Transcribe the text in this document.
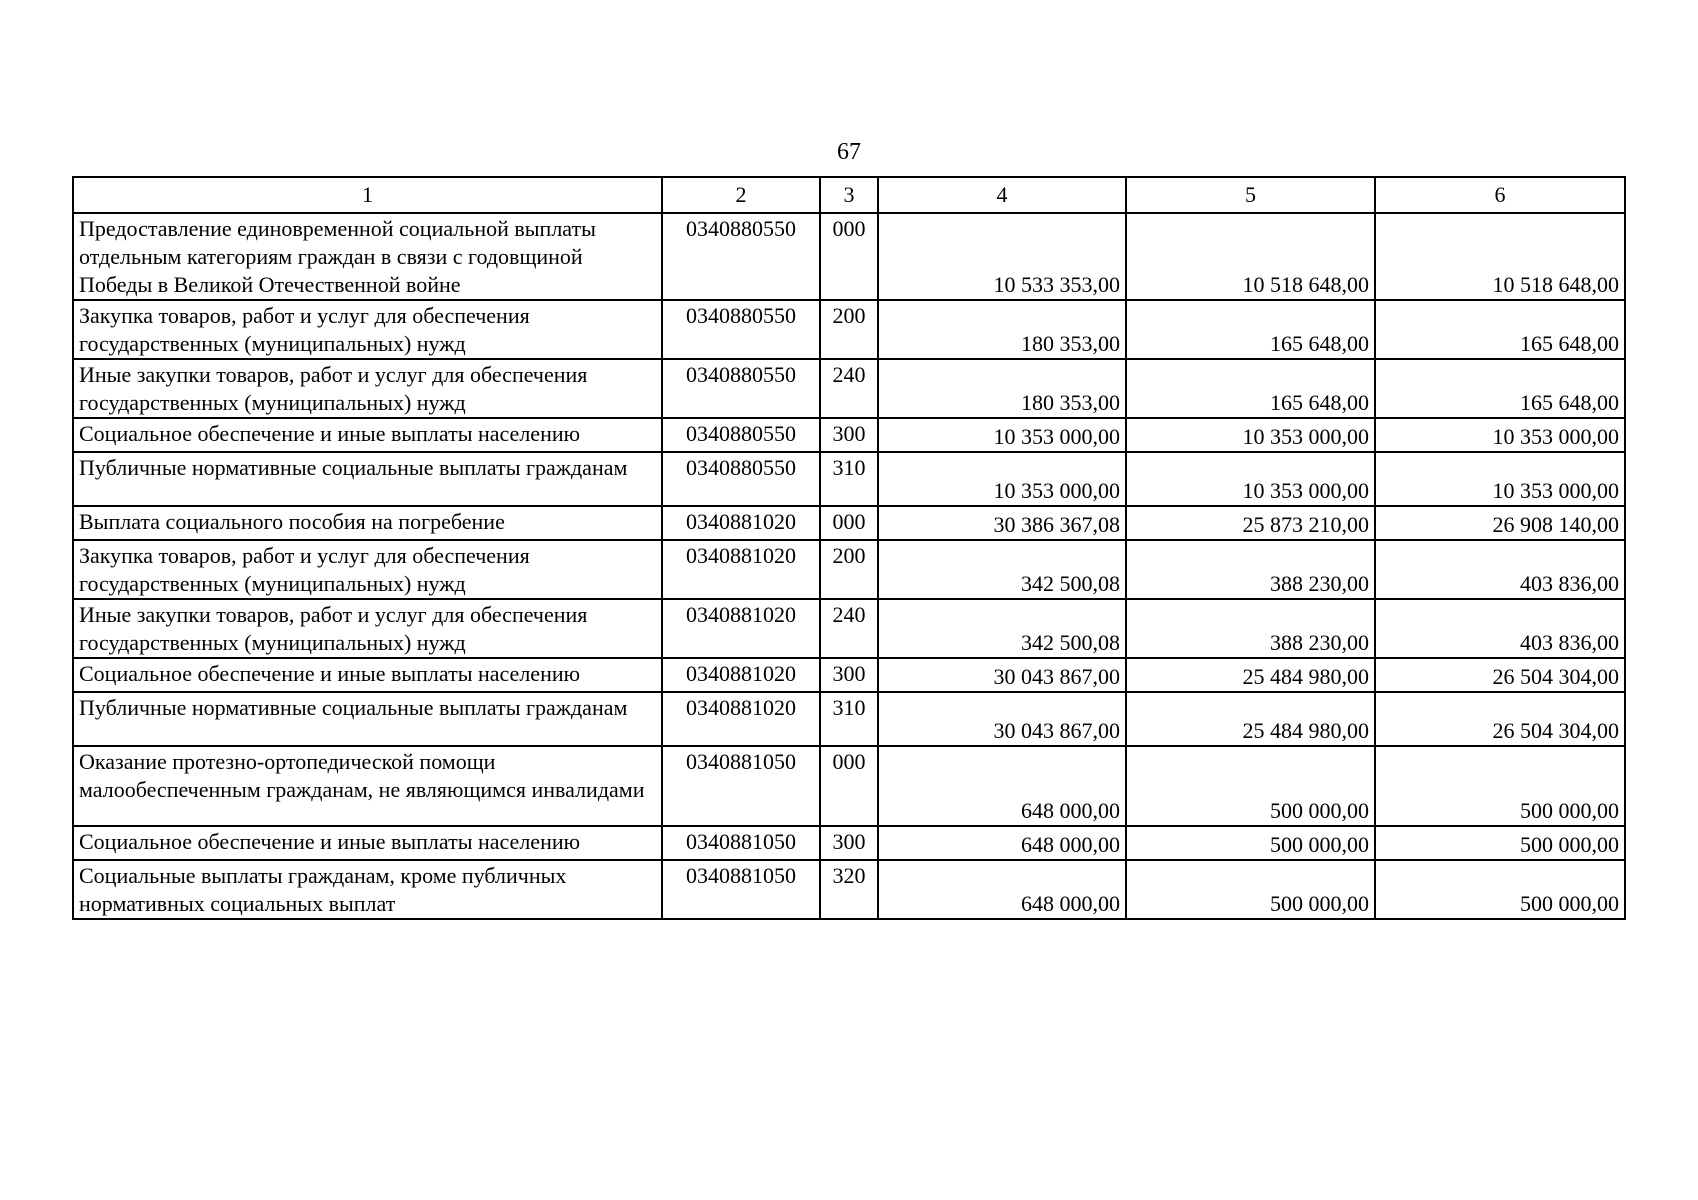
67
1	2	3	4	5	6
Предоставление единовременной социальной выплаты отдельным категориям граждан в связи с годовщиной Победы в Великой Отечественной войне	0340880550	000	10 533 353,00	10 518 648,00	10 518 648,00
Закупка товаров, работ и услуг для обеспечения государственных (муниципальных) нужд	0340880550	200	180 353,00	165 648,00	165 648,00
Иные закупки товаров, работ и услуг для обеспечения государственных (муниципальных) нужд	0340880550	240	180 353,00	165 648,00	165 648,00
Социальное обеспечение и иные выплаты населению	0340880550	300	10 353 000,00	10 353 000,00	10 353 000,00
Публичные нормативные социальные выплаты гражданам	0340880550	310	10 353 000,00	10 353 000,00	10 353 000,00
Выплата социального пособия на погребение	0340881020	000	30 386 367,08	25 873 210,00	26 908 140,00
Закупка товаров, работ и услуг для обеспечения государственных (муниципальных) нужд	0340881020	200	342 500,08	388 230,00	403 836,00
Иные закупки товаров, работ и услуг для обеспечения государственных (муниципальных) нужд	0340881020	240	342 500,08	388 230,00	403 836,00
Социальное обеспечение и иные выплаты населению	0340881020	300	30 043 867,00	25 484 980,00	26 504 304,00
Публичные нормативные социальные выплаты гражданам	0340881020	310	30 043 867,00	25 484 980,00	26 504 304,00
Оказание протезно-ортопедической помощи малообеспеченным гражданам, не являющимся инвалидами	0340881050	000	648 000,00	500 000,00	500 000,00
Социальное обеспечение и иные выплаты населению	0340881050	300	648 000,00	500 000,00	500 000,00
Социальные выплаты гражданам, кроме публичных нормативных социальных выплат	0340881050	320	648 000,00	500 000,00	500 000,00
